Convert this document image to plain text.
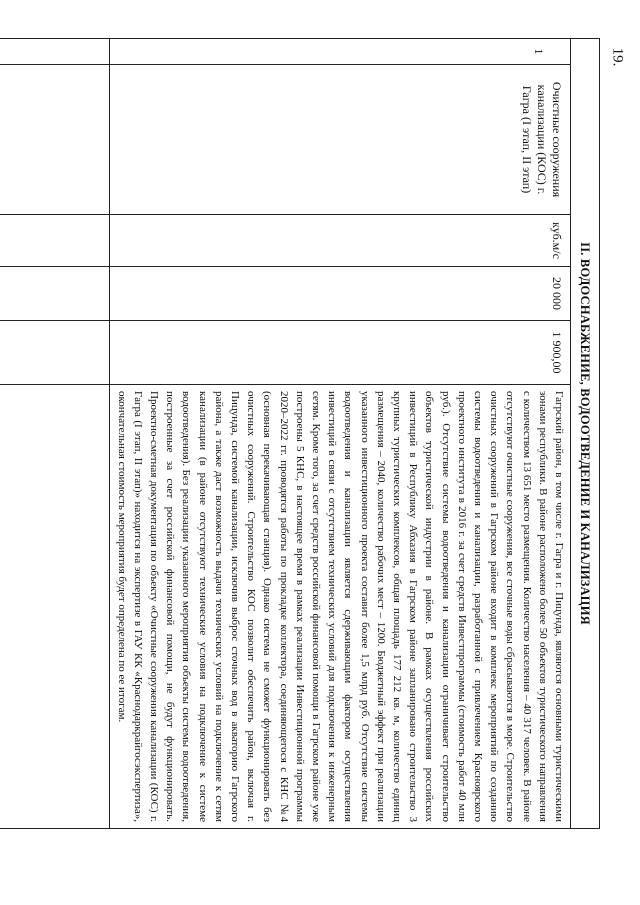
19.
II. ВОДОСНАБЖЕНИЕ, ВОДООТВЕДЕНИЕ И КАНАЛИЗАЦИЯ					
1	Очистные сооружения канализации (КОС) г. Гагра (I этап, II этап)	куб.м/с	20 000	1 900,00	Гагрский район, в том числе г. Гагра и г. Пицунда, являются основными туристическими зонами республики. В районе расположено более 50 объектов туристического направления с количеством 13 651 место размещения. Количество населения – 40 317 человек. В районе отсутствуют очистные сооружения, все сточные воды сбрасываются в море. Строительство очистных сооружений в Гагрском районе входит в комплекс мероприятий по созданию системы водоотведения и канализации, разработанной с привлечением Красноярского проектного института в 2016 г. за счет средств Инвестпрограммы (стоимость работ 40 млн руб.). Отсутствие системы водоотведения и канализации ограничивает строительство объектов туристической индустрии в районе. В рамках осуществления российских инвестиций в Республику Абхазия в Гагрском районе запланировано строительство 3 крупных туристических комплексов, общая площадь 177 212 кв. м, количество единиц размещения – 2040, количество рабочих мест – 1200. Бюджетный эффект при реализации указанного инвестиционного проекта составит более 1,5 млрд руб. Отсутствие системы водоотведения и канализации является сдерживающим фактором осуществления инвестиций в связи с отсутствием технических условий для подключения к инженерным сетям. Кроме того, за счет средств российской финансовой помощи в Гагрском районе уже построены 5 КНС, в настоящее время в рамках реализации Инвестиционной программы 2020–2022 гг. проводятся работы по прокладке коллектора, соединяющегося с КНС №4 (основная перекачивающая станция). Однако система не сможет функционировать без очистных сооружений. Строительство КОС позволит обеспечить район, включая г. Пицунда, системой канализации, исключив выброс сточных вод в акваторию Гагрского района, а также даст возможность выдачи технических условий на подключение к сетям канализации (в районе отсутствуют технические условия на подключение к системе водоотведения). Без реализации указанного мероприятия объекты системы водоотведения, построенные за счет российской финансовой помощи, не будут функционировать. Проектно-сметная документация по объекту «Очистные сооружения канализации (КОС) г. Гагра (I этап, II этап)» находится на экспертизе в ГАУ КК «Краснодаркрайгосэкспертиза», окончательная стоимость мероприятия будет определена по ее итогам.
